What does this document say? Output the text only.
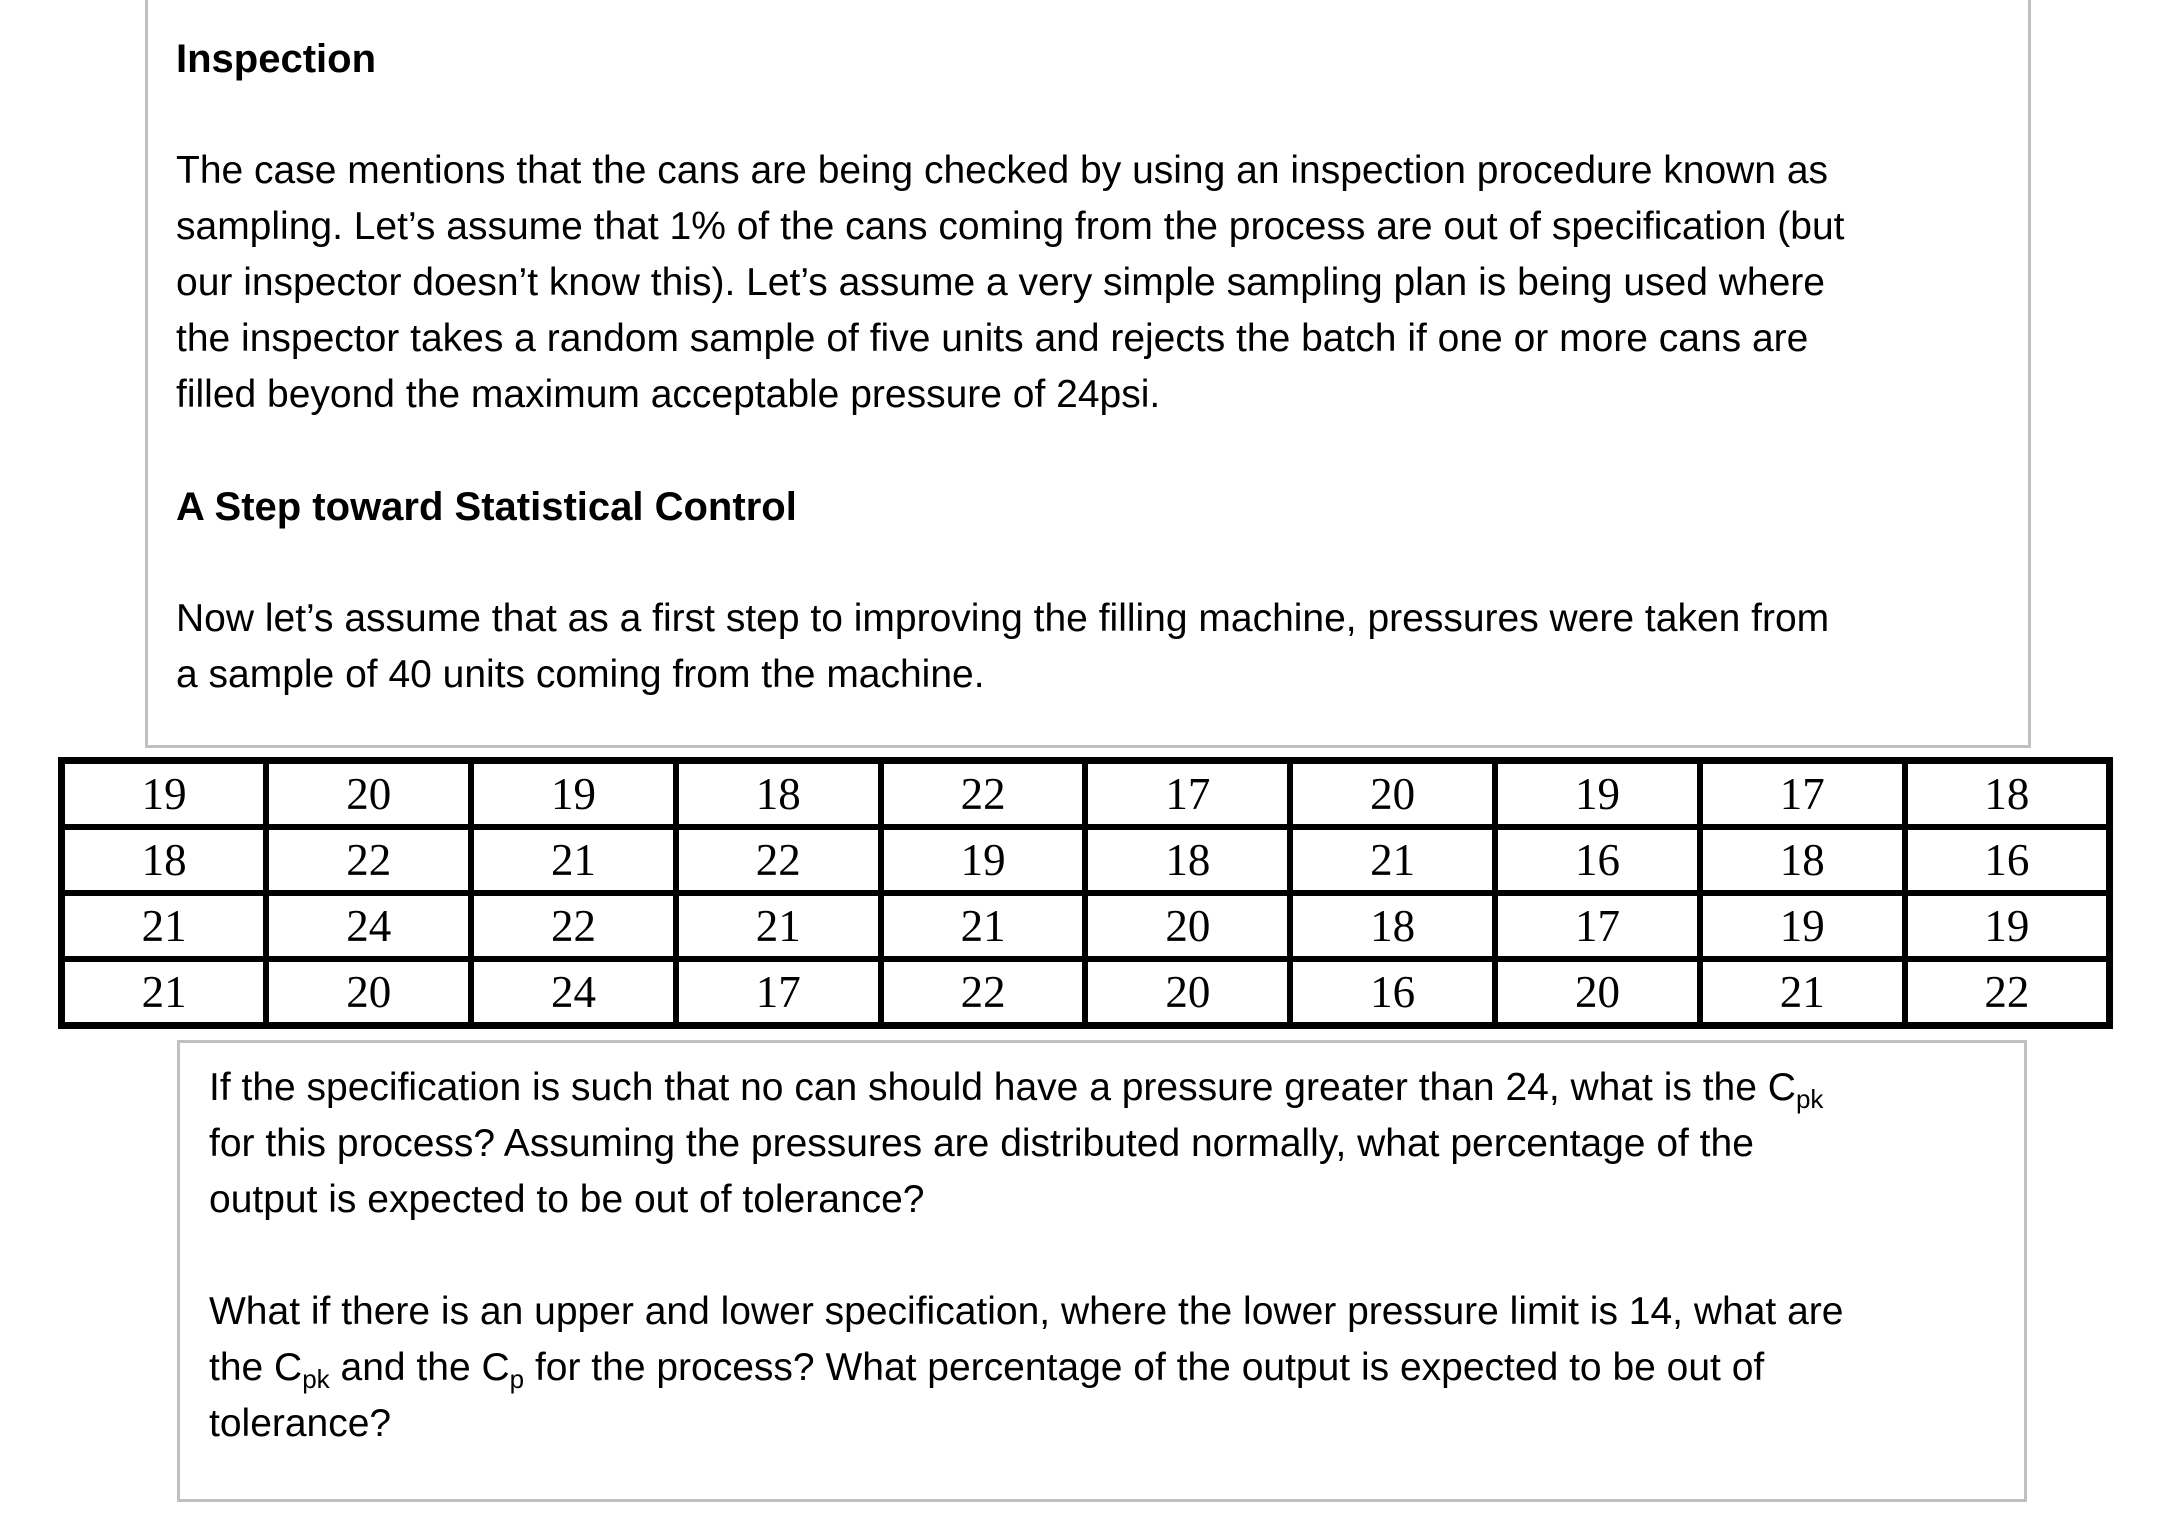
Inspection
The case mentions that the cans are being checked by using an inspection procedure known as
sampling. Let’s assume that 1% of the cans coming from the process are out of specification (but
our inspector doesn’t know this). Let’s assume a very simple sampling plan is being used where
the inspector takes a random sample of five units and rejects the batch if one or more cans are
filled beyond the maximum acceptable pressure of 24psi.
A Step toward Statistical Control
Now let’s assume that as a first step to improving the filling machine, pressures were taken from
a sample of 40 units coming from the machine.
19	20	19	18	22	17	20	19	17	18
18	22	21	22	19	18	21	16	18	16
21	24	22	21	21	20	18	17	19	19
21	20	24	17	22	20	16	20	21	22
If the specification is such that no can should have a pressure greater than 24, what is the $C_{pk}$
for this process? Assuming the pressures are distributed normally, what percentage of the
output is expected to be out of tolerance?
What if there is an upper and lower specification, where the lower pressure limit is 14, what are
the $C_{pk}$ and the $C_p$ for the process? What percentage of the output is expected to be out of
tolerance?
